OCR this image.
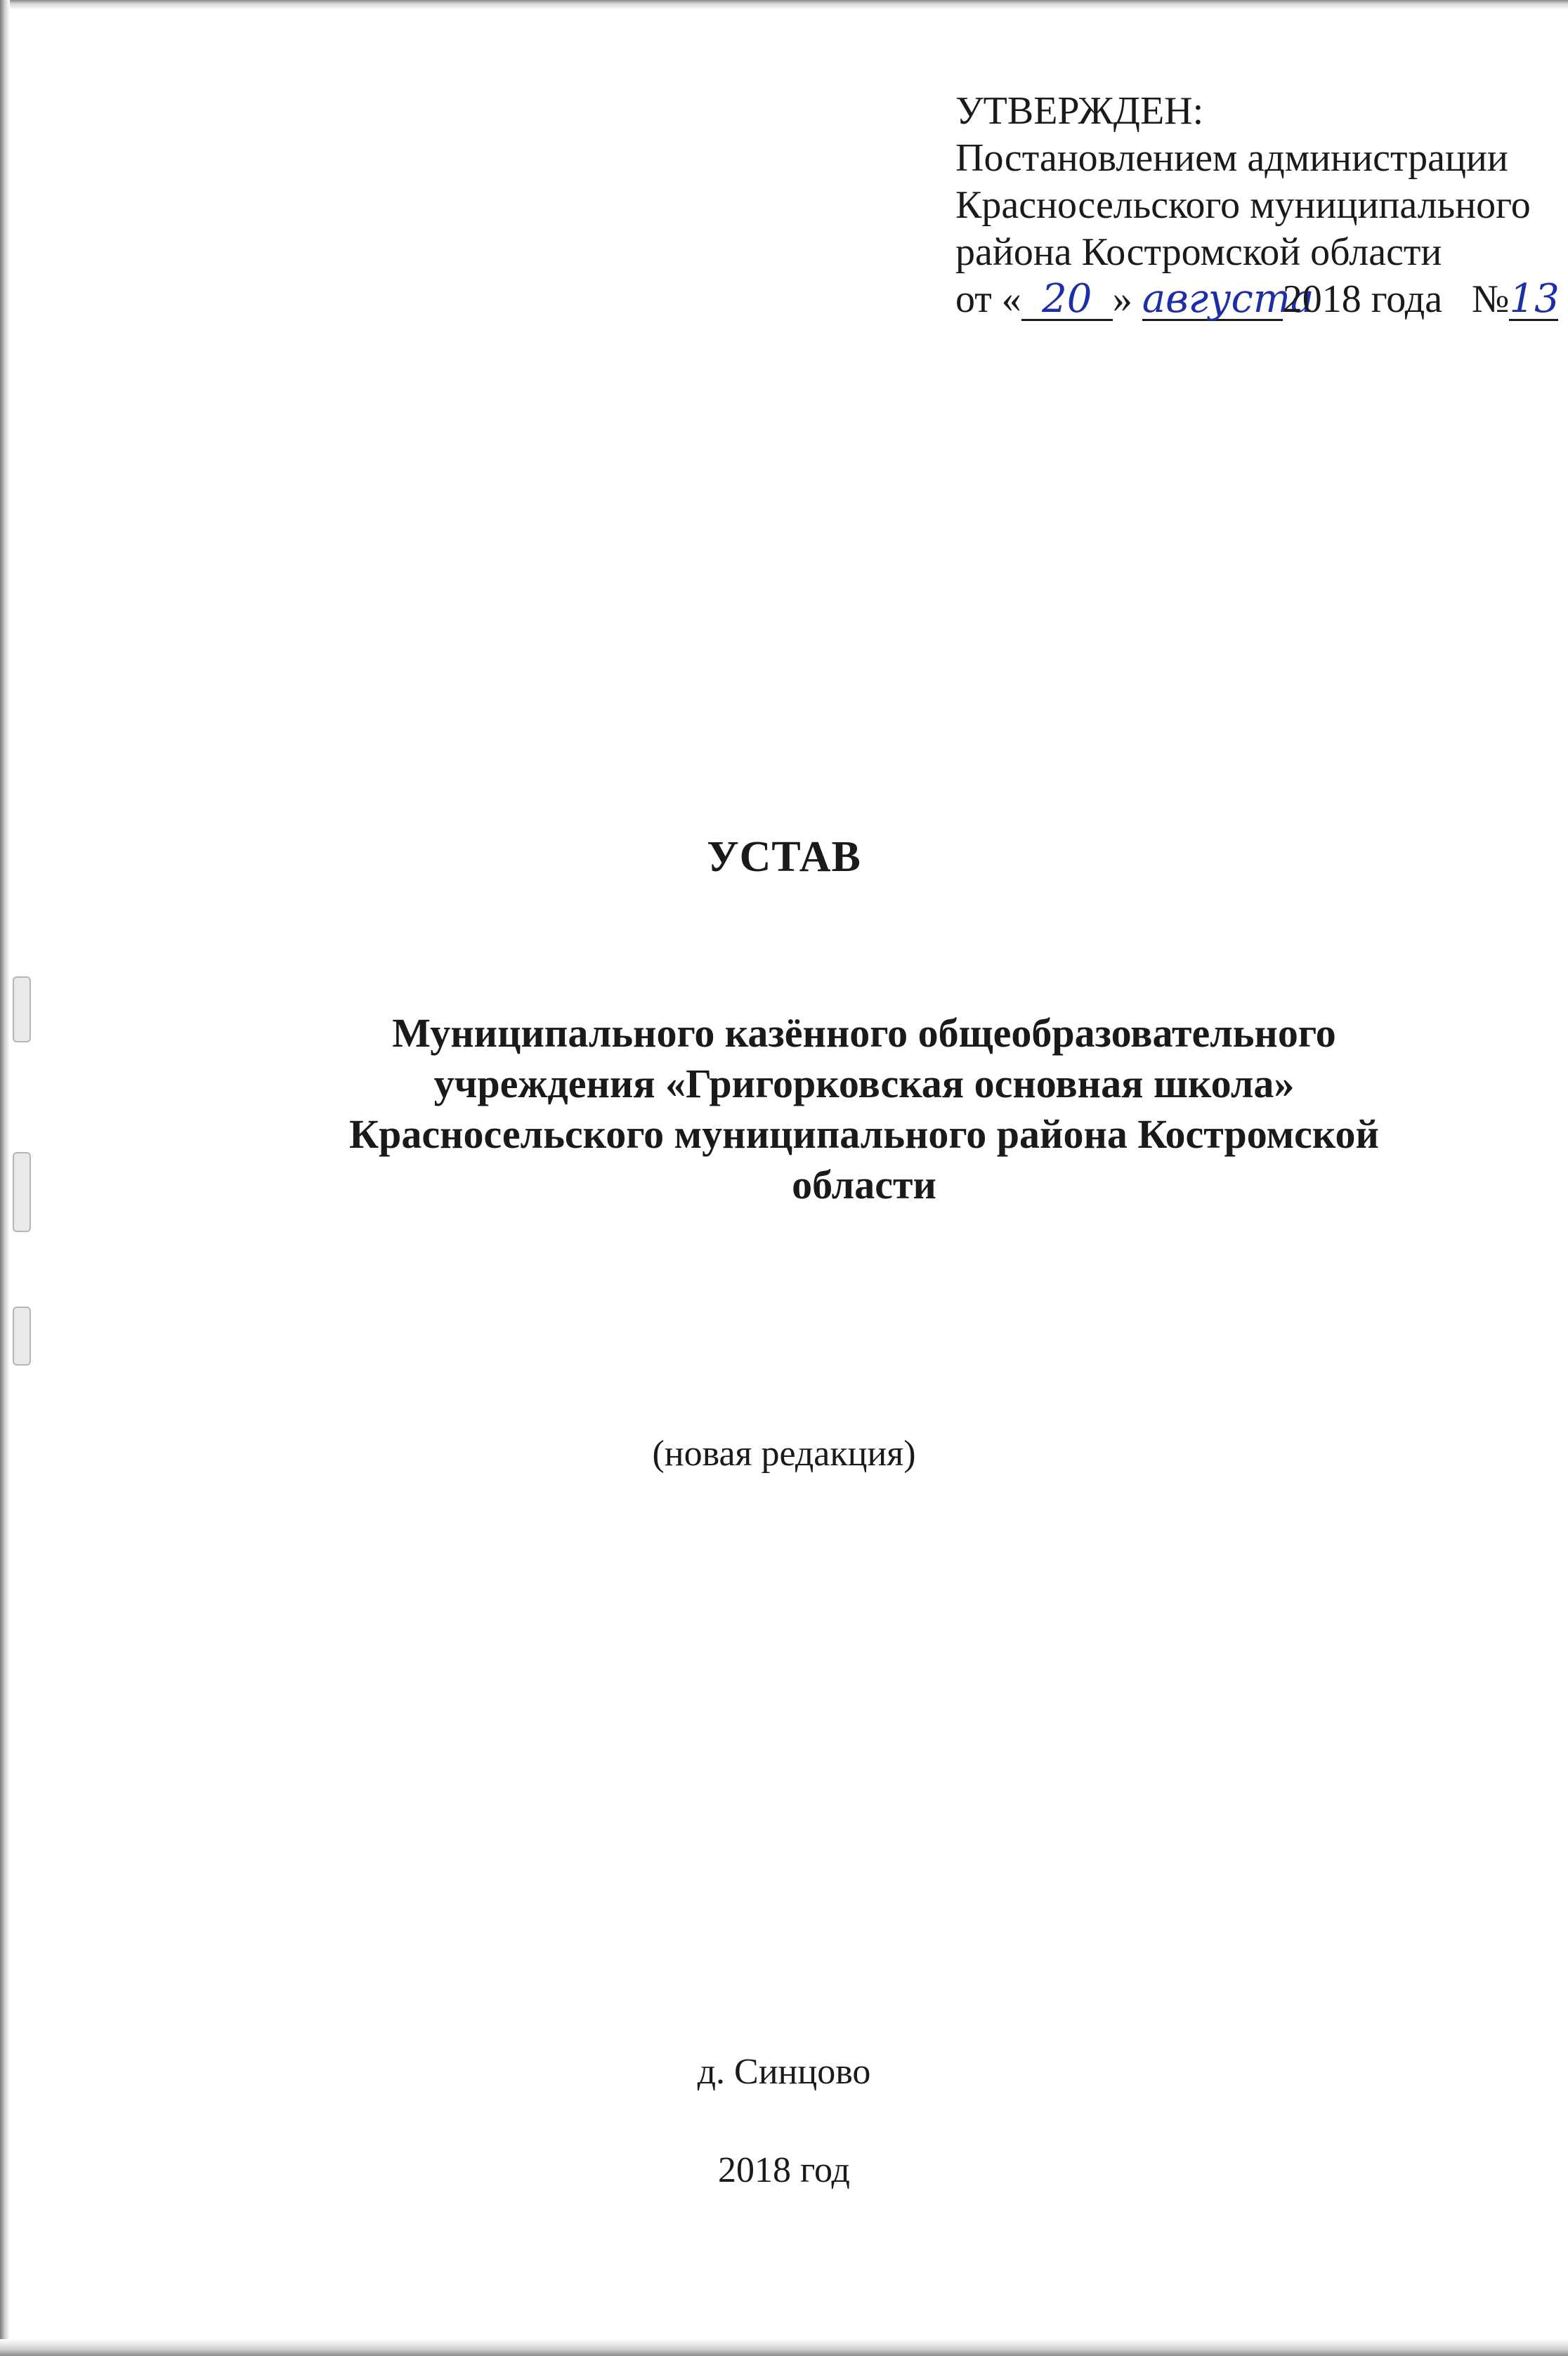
УТВЕРЖДЕН:
Постановлением администрации
Красносельского муниципального
района Костромской области
от « 20 » августа2018 года №13
УСТАВ
Муниципального казённого общеобразовательного
учреждения «Григорковская основная школа»
Красносельского муниципального района Костромской
области
(новая редакция)
д. Синцово
2018 год
